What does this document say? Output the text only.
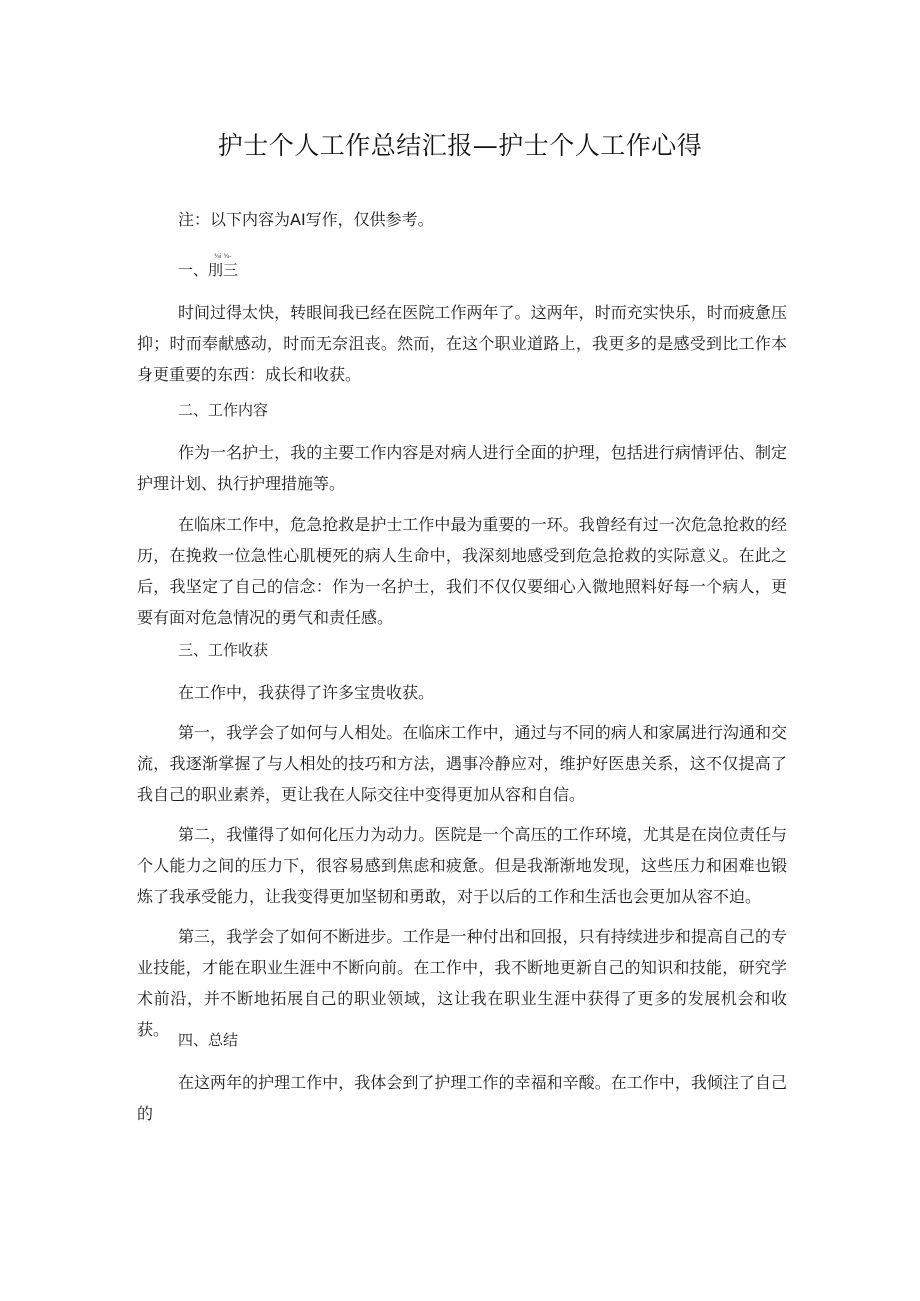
护士个人工作总结汇报—护士个人工作心得
注：以下内容为AI写作，仅供参考。
¾i ¾-
一、刖三

时间过得太快，转眼间我已经在医院工作两年了。这两年，时而充实快乐，时而疲惫压抑；时而奉献感动，时而无奈沮丧。然而，在这个职业道路上，我更多的是感受到比工作本身更重要的东西：成长和收获。

二、工作内容

作为一名护士，我的主要工作内容是对病人进行全面的护理，包括进行病情评估、制定护理计划、执行护理措施等。

在临床工作中，危急抢救是护士工作中最为重要的一环。我曾经有过一次危急抢救的经历，在挽救一位急性心肌梗死的病人生命中，我深刻地感受到危急抢救的实际意义。在此之后，我坚定了自己的信念：作为一名护士，我们不仅仅要细心入微地照料好每一个病人，更要有面对危急情况的勇气和责任感。

三、工作收获

在工作中，我获得了许多宝贵收获。

第一，我学会了如何与人相处。在临床工作中，通过与不同的病人和家属进行沟通和交流，我逐渐掌握了与人相处的技巧和方法，遇事冷静应对，维护好医患关系，这不仅提高了我自己的职业素养，更让我在人际交往中变得更加从容和自信。

第二，我懂得了如何化压力为动力。医院是一个高压的工作环境，尤其是在岗位责任与个人能力之间的压力下，很容易感到焦虑和疲惫。但是我渐渐地发现，这些压力和困难也锻炼了我承受能力，让我变得更加坚韧和勇敢，对于以后的工作和生活也会更加从容不迫。

第三，我学会了如何不断进步。工作是一种付出和回报，只有持续进步和提高自己的专业技能，才能在职业生涯中不断向前。在工作中，我不断地更新自己的知识和技能，研究学术前沿，并不断地拓展自己的职业领域，这让我在职业生涯中获得了更多的发展机会和收获。

四、总结

在这两年的护理工作中，我体会到了护理工作的幸福和辛酸。在工作中，我倾注了自己的
